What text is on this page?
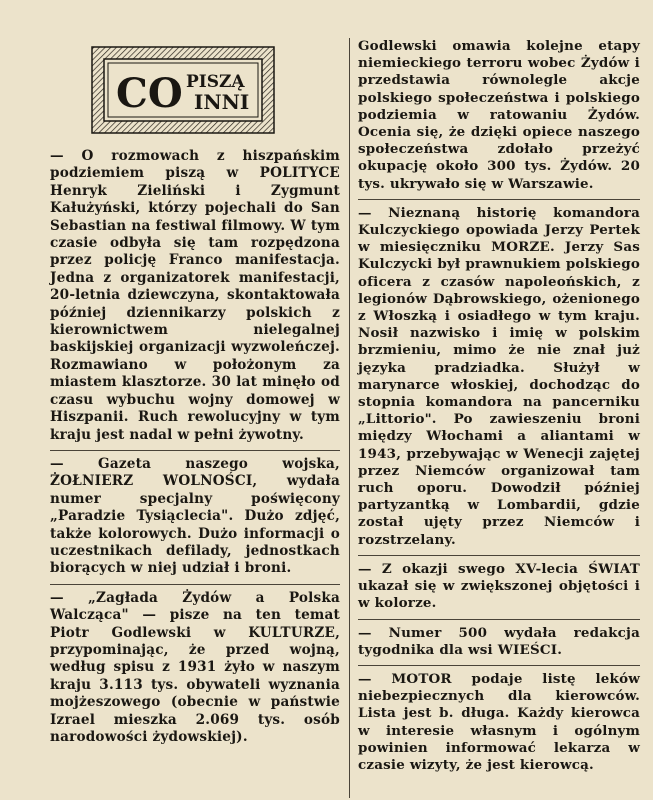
CO PISZĄ
INNI

— O rozmowach z hiszpańskim podziemiem piszą w POLITYCE Henryk Zieliński i Zygmunt Kałużyński, którzy pojechali do San Sebastian na festiwal filmowy. W tym czasie odbyła się tam rozpędzona przez policję Franco manifestacja. Jedna z organizatorek manifestacji, 20-letnia dziewczyna, skontaktowała później dziennikarzy polskich z kierownictwem nielegalnej baskijskiej organizacji wyzwoleńczej. Rozmawiano w położonym za miastem klasztorze. 30 lat minęło od czasu wybuchu wojny domowej w Hiszpanii. Ruch rewolucyjny w tym kraju jest nadal w pełni żywotny.

— Gazeta naszego wojska, ŻOŁNIERZ WOLNOŚCI, wydała numer specjalny poświęcony „Paradzie Tysiąclecia". Dużo zdjęć, także kolorowych. Dużo informacji o uczestnikach defilady, jednostkach biorących w niej udział i broni.

— „Zagłada Żydów a Polska Walcząca" — pisze na ten temat Piotr Godlewski w KULTURZE, przypominając, że przed wojną, według spisu z 1931 żyło w naszym kraju 3.113 tys. obywateli wyznania mojżeszowego (obecnie w państwie Izrael mieszka 2.069 tys. osób narodowości żydowskiej).

Godlewski omawia kolejne etapy niemieckiego terroru wobec Żydów i przedstawia równolegle akcje polskiego społeczeństwa i polskiego podziemia w ratowaniu Żydów. Ocenia się, że dzięki opiece naszego społeczeństwa zdołało przeżyć okupację około 300 tys. Żydów. 20 tys. ukrywało się w Warszawie.

— Nieznaną historię komandora Kulczyckiego opowiada Jerzy Pertek w miesięczniku MORZE. Jerzy Sas Kulczycki był prawnukiem polskiego oficera z czasów napoleońskich, z legionów Dąbrowskiego, ożenionego z Włoszką i osiadłego w tym kraju. Nosił nazwisko i imię w polskim brzmieniu, mimo że nie znał już języka pradziadka. Służył w marynarce włoskiej, dochodząc do stopnia komandora na pancerniku „Littorio". Po zawieszeniu broni między Włochami a aliantami w 1943, przebywając w Wenecji zajętej przez Niemców organizował tam ruch oporu. Dowodził później partyzantką w Lombardii, gdzie został ujęty przez Niemców i rozstrzelany.

— Z okazji swego XV-lecia ŚWIAT ukazał się w zwiększonej objętości i w kolorze.

— Numer 500 wydała redakcja tygodnika dla wsi WIEŚCI.

— MOTOR podaje listę leków niebezpiecznych dla kierowców. Lista jest b. długa. Każdy kierowca w interesie własnym i ogólnym powinien informować lekarza w czasie wizyty, że jest kierowcą.
